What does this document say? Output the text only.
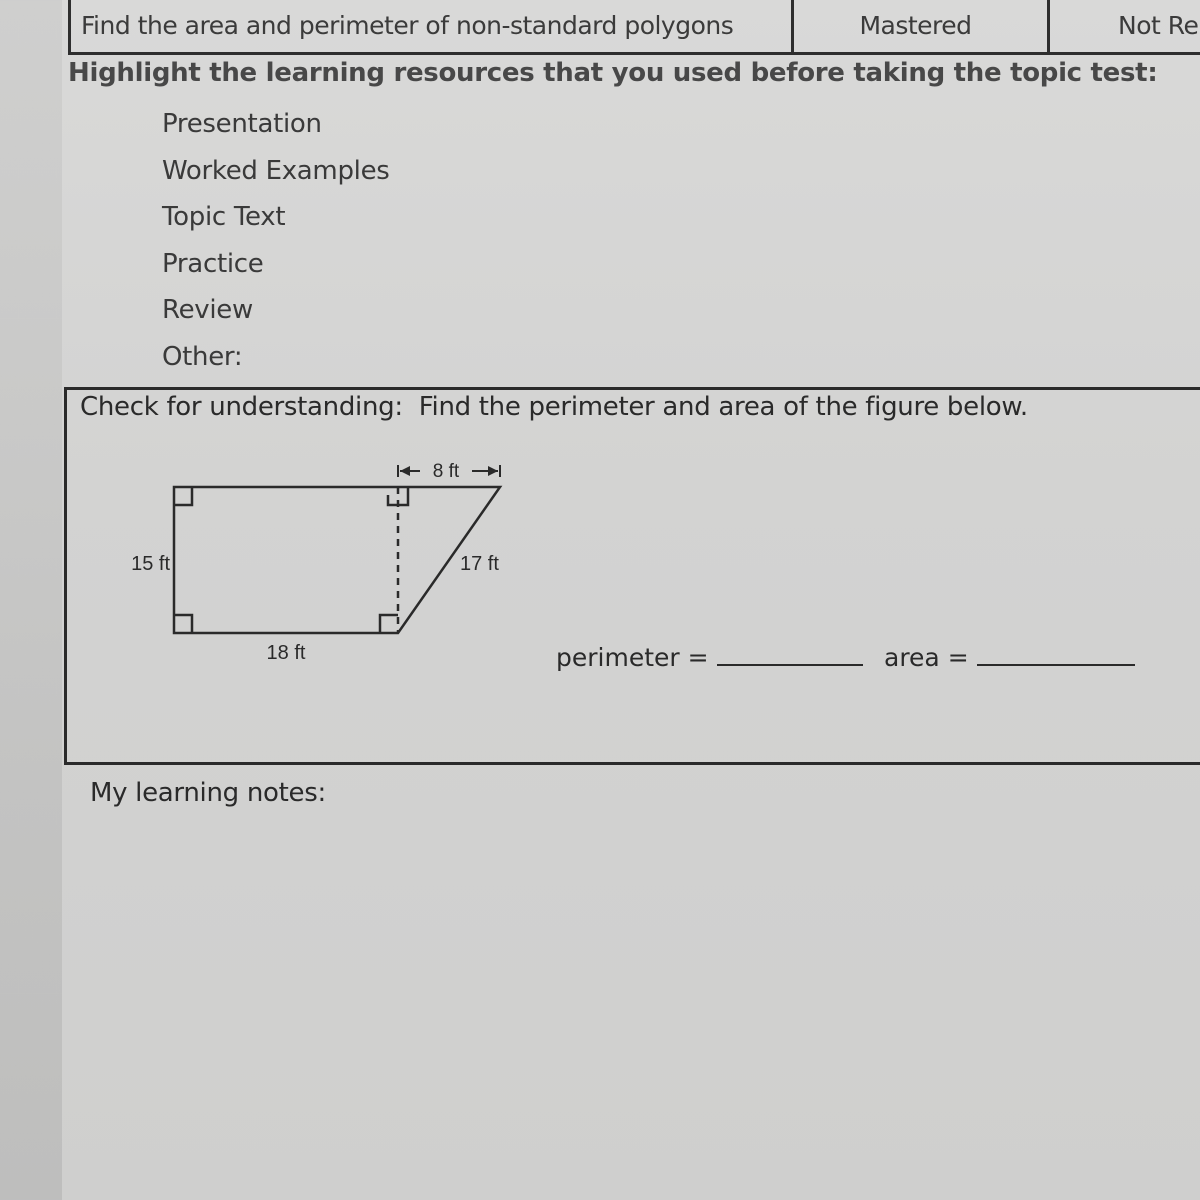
Find the area and perimeter of non-standard polygons	Mastered	Not Re
Highlight the learning resources that you used before taking the topic test:
Presentation
Worked Examples
Topic Text
Practice
Review
Other:
Check for understanding:  Find the perimeter and area of the figure below.
8 ft
15 ft	17 ft
18 ft	perimeter =	area =
My learning notes:
